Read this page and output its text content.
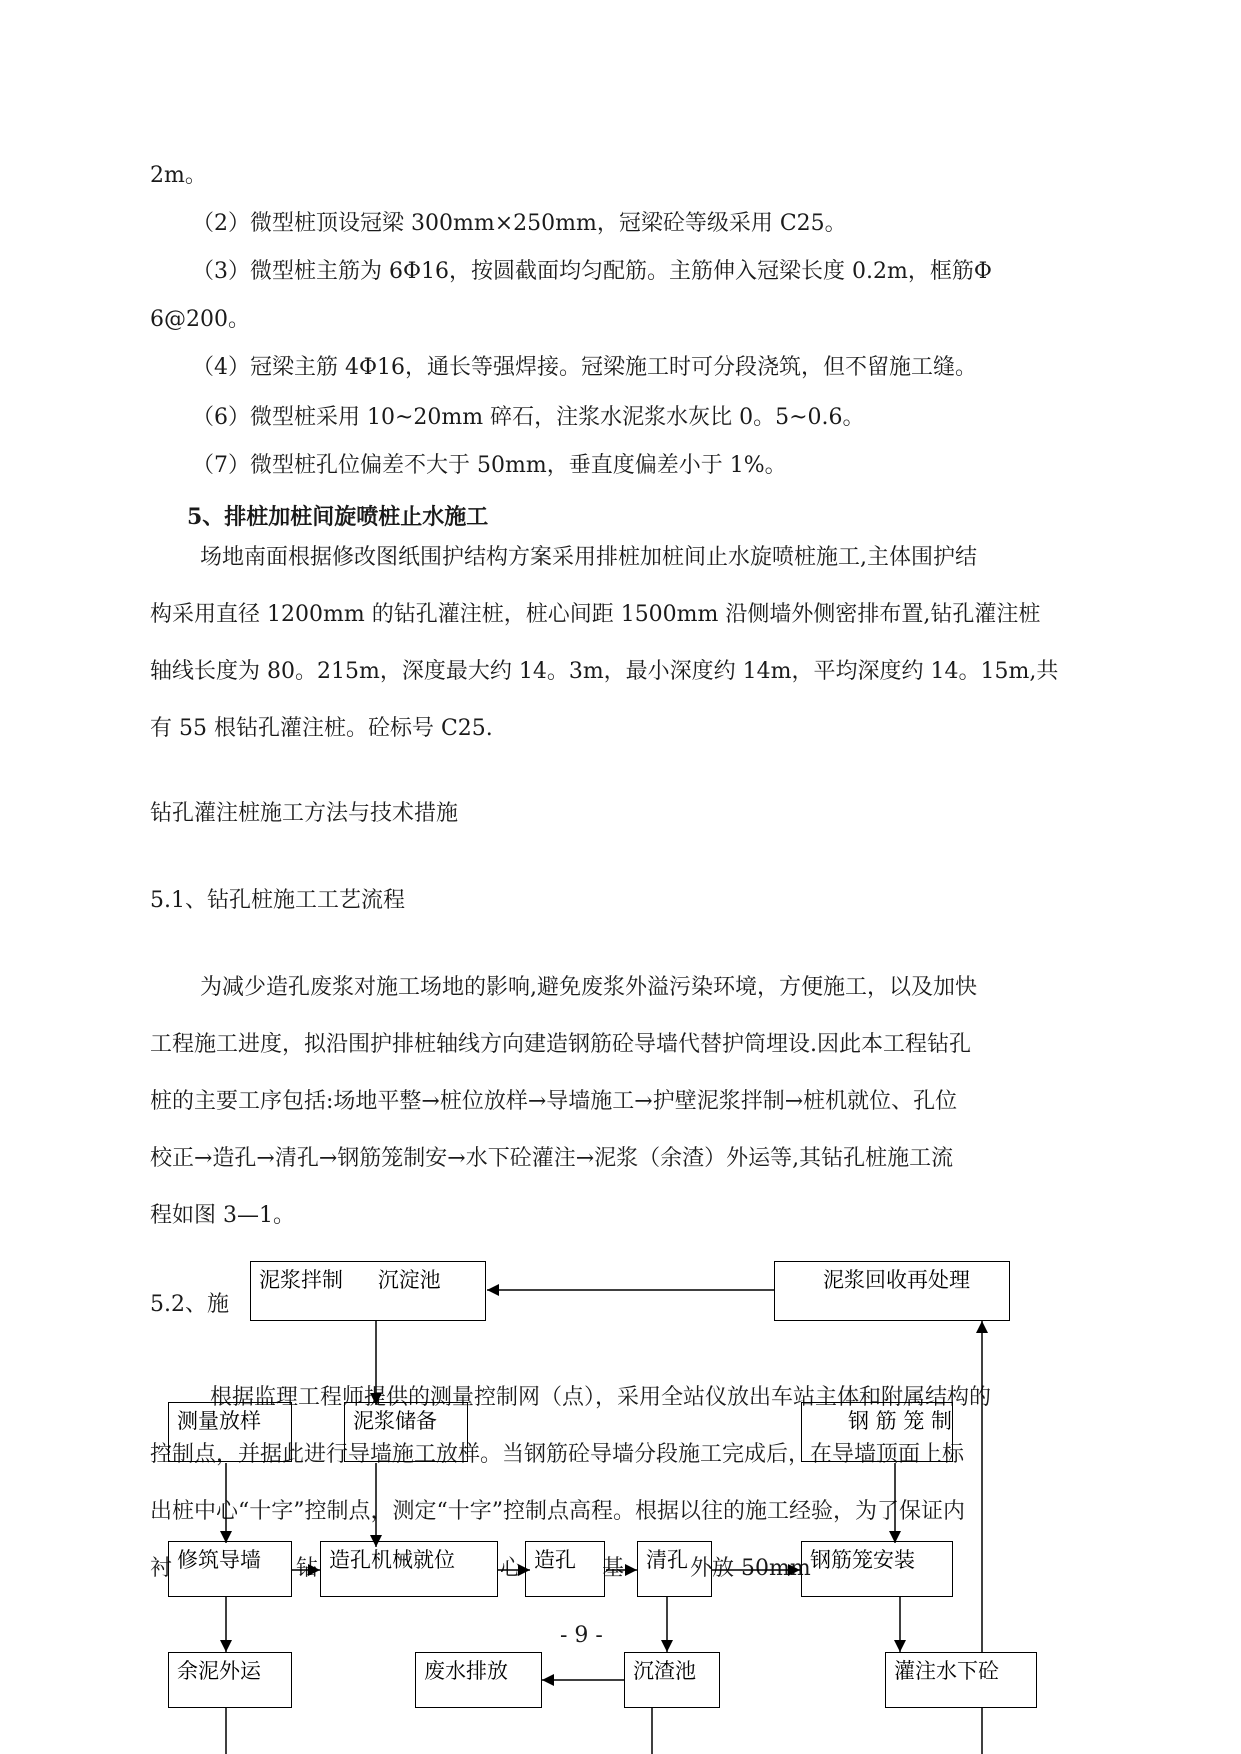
2m。
（2）微型桩顶设冠梁 300mm×250mm，冠梁砼等级采用 C25。
（3）微型桩主筋为 6Φ16，按圆截面均匀配筋。主筋伸入冠梁长度 0.2m，框筋Φ
6@200。
（4）冠梁主筋 4Φ16，通长等强焊接。冠梁施工时可分段浇筑，但不留施工缝。
（6）微型桩采用 10~20mm 碎石，注浆水泥浆水灰比 0。5~0.6。
（7）微型桩孔位偏差不大于 50mm，垂直度偏差小于 1%。
5、排桩加桩间旋喷桩止水施工
场地南面根据修改图纸围护结构方案采用排桩加桩间止水旋喷桩施工,主体围护结
构采用直径 1200mm 的钻孔灌注桩，桩心间距 1500mm 沿侧墙外侧密排布置,钻孔灌注桩
轴线长度为 80。215m，深度最大约 14。3m，最小深度约 14m，平均深度约 14。15m,共
有 55 根钻孔灌注桩。砼标号 C25.
钻孔灌注桩施工方法与技术措施
5.1、钻孔桩施工工艺流程
为减少造孔废浆对施工场地的影响,避免废浆外溢污染环境，方便施工，以及加快
工程施工进度，拟沿围护排桩轴线方向建造钢筋砼导墙代替护筒埋设.因此本工程钻孔
桩的主要工序包括:场地平整→桩位放样→导墙施工→护壁泥浆拌制→桩机就位、孔位
校正→造孔→清孔→钢筋笼制安→水下砼灌注→泥浆（余渣）外运等,其钻孔桩施工流
程如图 3—1。
5.2、施
根据监理工程师提供的测量控制网（点），采用全站仪放出车站主体和附属结构的
控制点，并据此进行导墙施工放样。当钢筋砼导墙分段施工完成后，在导墙顶面上标
出桩中心“十字”控制点，测定“十字”控制点高程。根据以往的施工经验，为了保证内
衬	钻	心	基	外放 50mm
- 9 -
泥浆拌制 沉淀池	泥浆回收再处理
测量放样	泥浆储备	钢 筋 笼 制
修筑导墙	造孔机械就位	造孔	清孔	钢筋笼安装
余泥外运	废水排放	沉渣池	灌注水下砼
